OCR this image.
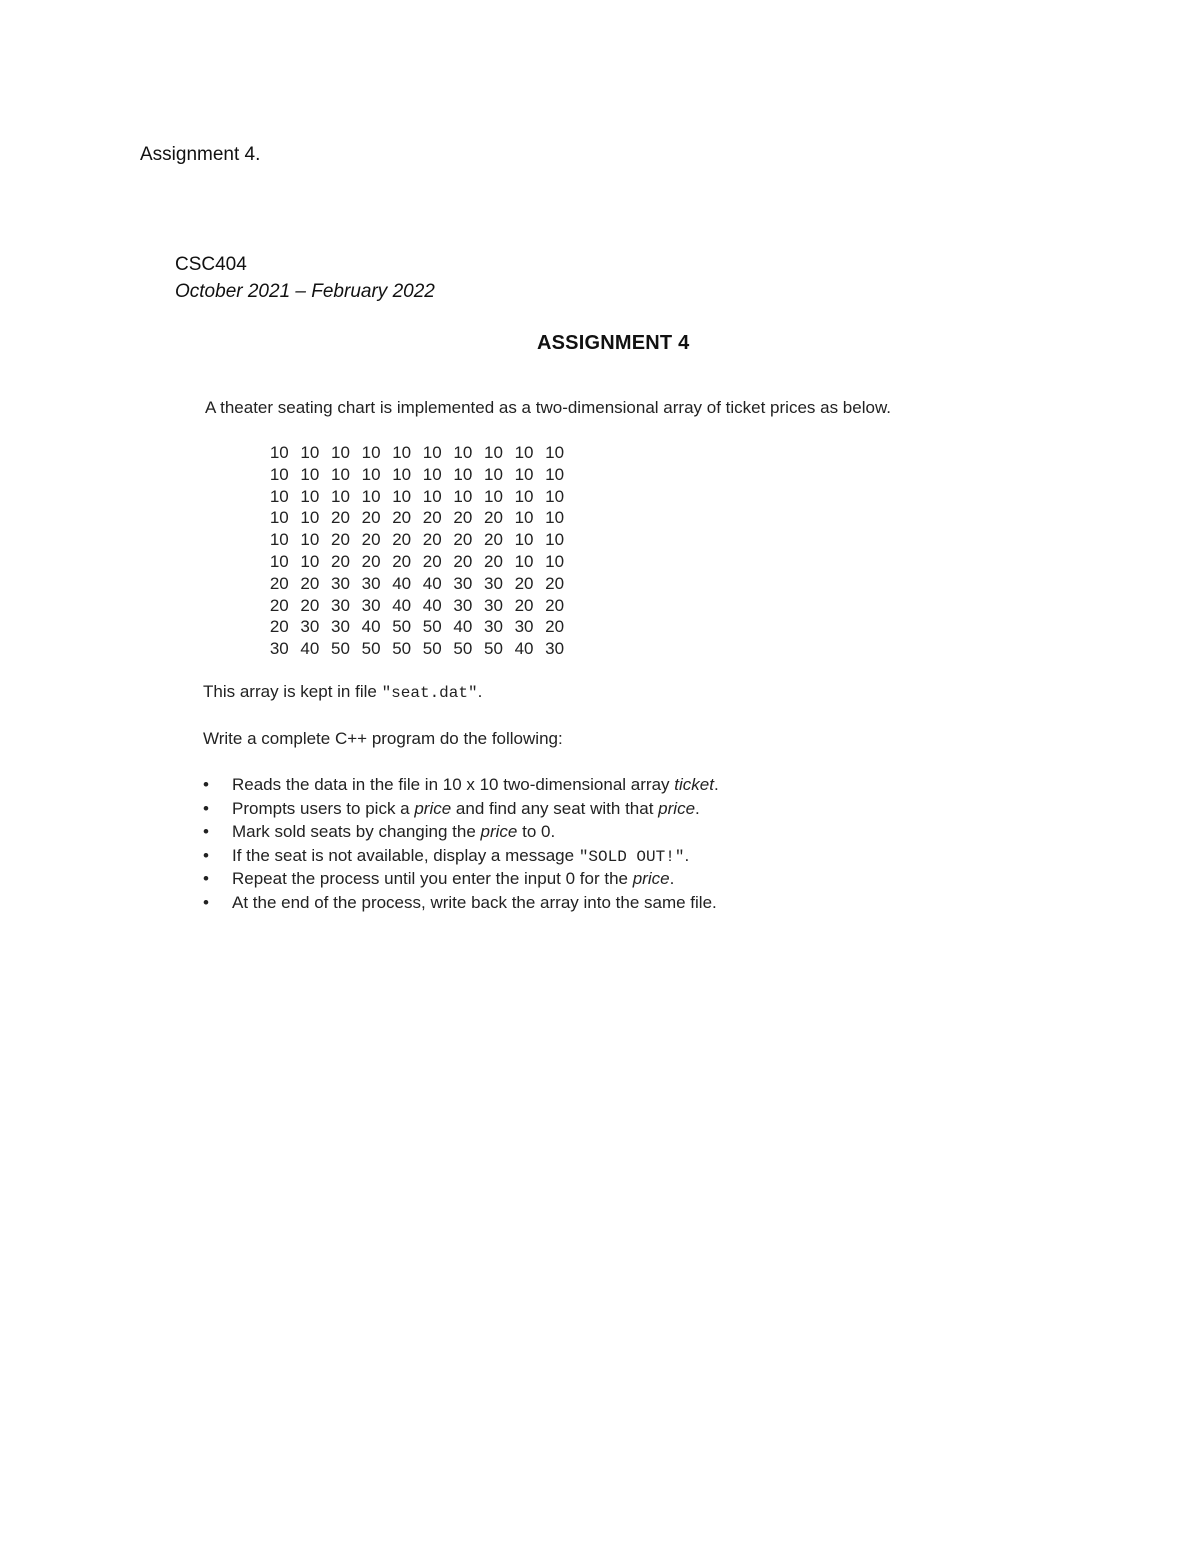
Assignment 4.
CSC404
October 2021 – February 2022
ASSIGNMENT 4

A theater seating chart is implemented as a two-dimensional array of ticket prices as below.

10 10 10 10 10 10 10 10 10 10
10 10 10 10 10 10 10 10 10 10
10 10 10 10 10 10 10 10 10 10
10 10 20 20 20 20 20 20 10 10
10 10 20 20 20 20 20 20 10 10
10 10 20 20 20 20 20 20 10 10
20 20 30 30 40 40 30 30 20 20
20 20 30 30 40 40 30 30 20 20
20 30 30 40 50 50 40 30 30 20
30 40 50 50 50 50 50 50 40 30

This array is kept in file "seat.dat".

Write a complete C++ program do the following:

•	Reads the data in the file in 10 x 10 two-dimensional array ticket.
•	Prompts users to pick a price and find any seat with that price.
•	Mark sold seats by changing the price to 0.
•	If the seat is not available, display a message "SOLD OUT!".
•	Repeat the process until you enter the input 0 for the price.
•	At the end of the process, write back the array into the same file.
